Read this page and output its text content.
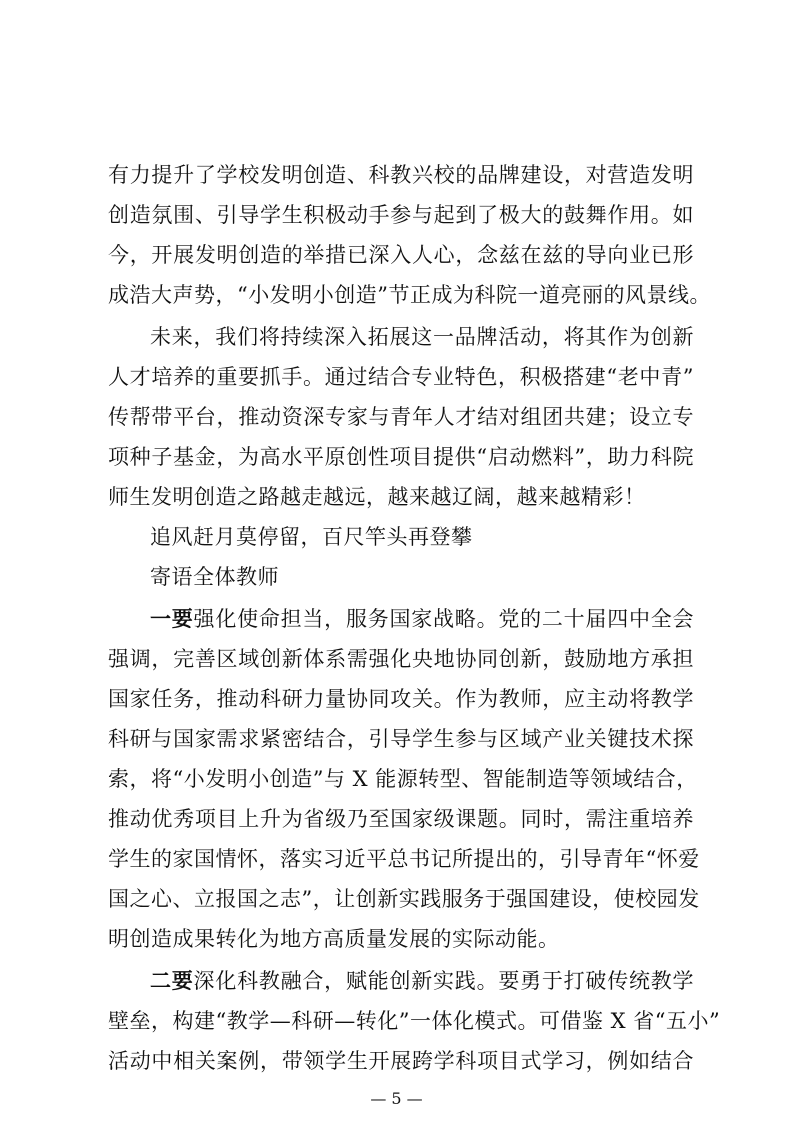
有力提升了学校发明创造、科教兴校的品牌建设，对营造发明
创造氛围、引导学生积极动手参与起到了极大的鼓舞作用。如
今，开展发明创造的举措已深入人心，念兹在兹的导向业已形
成浩大声势，“小发明小创造”节正成为科院一道亮丽的风景线。
未来，我们将持续深入拓展这一品牌活动，将其作为创新
人才培养的重要抓手。通过结合专业特色，积极搭建“老中青”
传帮带平台，推动资深专家与青年人才结对组团共建；设立专
项种子基金，为高水平原创性项目提供“启动燃料”，助力科院
师生发明创造之路越走越远，越来越辽阔，越来越精彩！
追风赶月莫停留，百尺竿头再登攀
寄语全体教师
一要强化使命担当，服务国家战略。党的二十届四中全会
强调，完善区域创新体系需强化央地协同创新，鼓励地方承担
国家任务，推动科研力量协同攻关。作为教师，应主动将教学
科研与国家需求紧密结合，引导学生参与区域产业关键技术探
索，将“小发明小创造”与 X 能源转型、智能制造等领域结合，
推动优秀项目上升为省级乃至国家级课题。同时，需注重培养
学生的家国情怀，落实习近平总书记所提出的，引导青年“怀爱
国之心、立报国之志”，让创新实践服务于强国建设，使校园发
明创造成果转化为地方高质量发展的实际动能。
二要深化科教融合，赋能创新实践。要勇于打破传统教学
壁垒，构建“教学—科研—转化”一体化模式。可借鉴 X 省“五小”
活动中相关案例，带领学生开展跨学科项目式学习，例如结合
— 5 —
